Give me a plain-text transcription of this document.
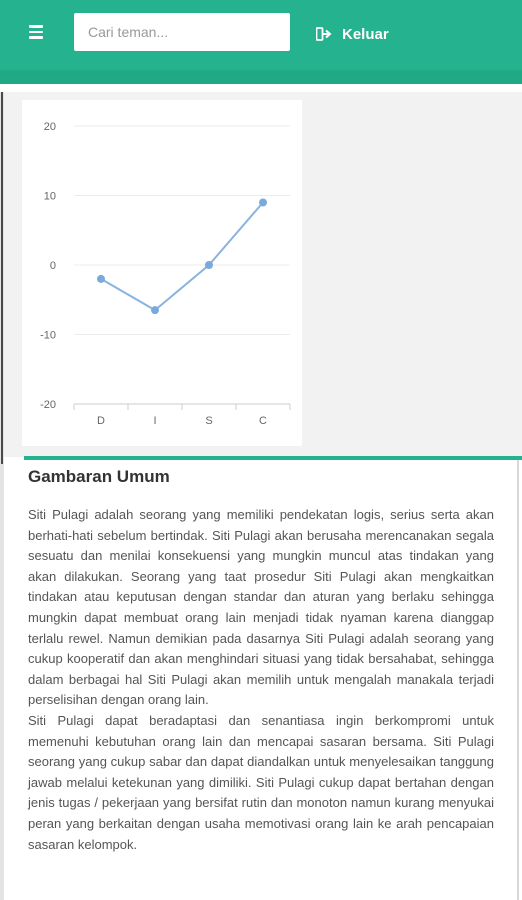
Cari teman...
Keluar
-20
-10
0
10
20
D	I	S	C
Gambaran Umum

Siti Pulagi adalah seorang yang memiliki pendekatan logis, serius serta akan berhati-hati sebelum bertindak. Siti Pulagi akan berusaha merencanakan segala sesuatu dan menilai konsekuensi yang mungkin muncul atas tindakan yang akan dilakukan. Seorang yang taat prosedur Siti Pulagi akan mengkaitkan tindakan atau keputusan dengan standar dan aturan yang berlaku sehingga mungkin dapat membuat orang lain menjadi tidak nyaman karena dianggap terlalu rewel. Namun demikian pada dasarnya Siti Pulagi adalah seorang yang cukup kooperatif dan akan menghindari situasi yang tidak bersahabat, sehingga dalam berbagai hal Siti Pulagi akan memilih untuk mengalah manakala terjadi perselisihan dengan orang lain.

Siti Pulagi dapat beradaptasi dan senantiasa ingin berkompromi untuk memenuhi kebutuhan orang lain dan mencapai sasaran bersama. Siti Pulagi seorang yang cukup sabar dan dapat diandalkan untuk menyelesaikan tanggung jawab melalui ketekunan yang dimiliki. Siti Pulagi cukup dapat bertahan dengan jenis tugas / pekerjaan yang bersifat rutin dan monoton namun kurang menyukai peran yang berkaitan dengan usaha memotivasi orang lain ke arah pencapaian sasaran kelompok.
